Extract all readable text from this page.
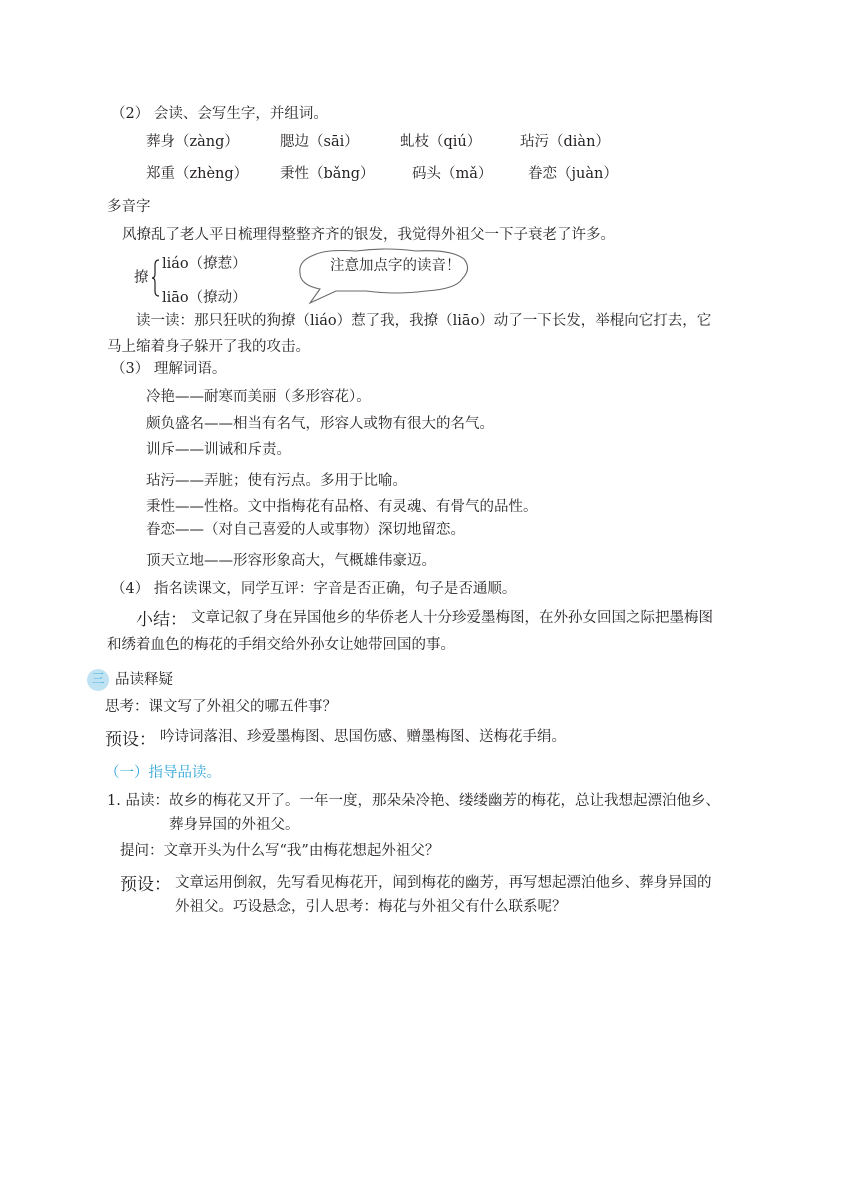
（2） 会读、会写生字，并组词。
葬身（zàng）	腮边（sāi）	虬枝（qiú）	玷污（diàn）
郑重（zhèng） 秉性（bǎng）	码头（mǎ） 眷恋（juàn）
多音字
风撩乱了老人平日梳理得整整齐齐的银发，我觉得外祖父一下子衰老了许多。
撩
liáo（撩惹）
liāo（撩动）
注意加点字的读音！
读一读：那只狂吠的狗撩（liáo）惹了我，我撩（liāo）动了一下长发，举棍向它打去，它
马上缩着身子躲开了我的攻击。
（3） 理解词语。
冷艳——耐寒而美丽（多形容花）。
颇负盛名——相当有名气，形容人或物有很大的名气。
训斥——训诫和斥责。
玷污——弄脏；使有污点。多用于比喻。
秉性——性格。文中指梅花有品格、有灵魂、有骨气的品性。
眷恋——（对自己喜爱的人或事物）深切地留恋。
顶天立地——形容形象高大，气概雄伟豪迈。
（4） 指名读课文，同学互评：字音是否正确，句子是否通顺。
小结： 文章记叙了身在异国他乡的华侨老人十分珍爱墨梅图，在外孙女回国之际把墨梅图
和绣着血色的梅花的手绢交给外孙女让她带回国的事。
三 品读释疑
思考：课文写了外祖父的哪五件事？
预设： 吟诗词落泪、珍爱墨梅图、思国伤感、赠墨梅图、送梅花手绢。
（一）指导品读。
1. 品读：故乡的梅花又开了。一年一度，那朵朵冷艳、缕缕幽芳的梅花，总让我想起漂泊他乡、
葬身异国的外祖父。
提问：文章开头为什么写“我”由梅花想起外祖父？
预设： 文章运用倒叙，先写看见梅花开，闻到梅花的幽芳，再写想起漂泊他乡、葬身异国的
外祖父。巧设悬念，引人思考：梅花与外祖父有什么联系呢？
